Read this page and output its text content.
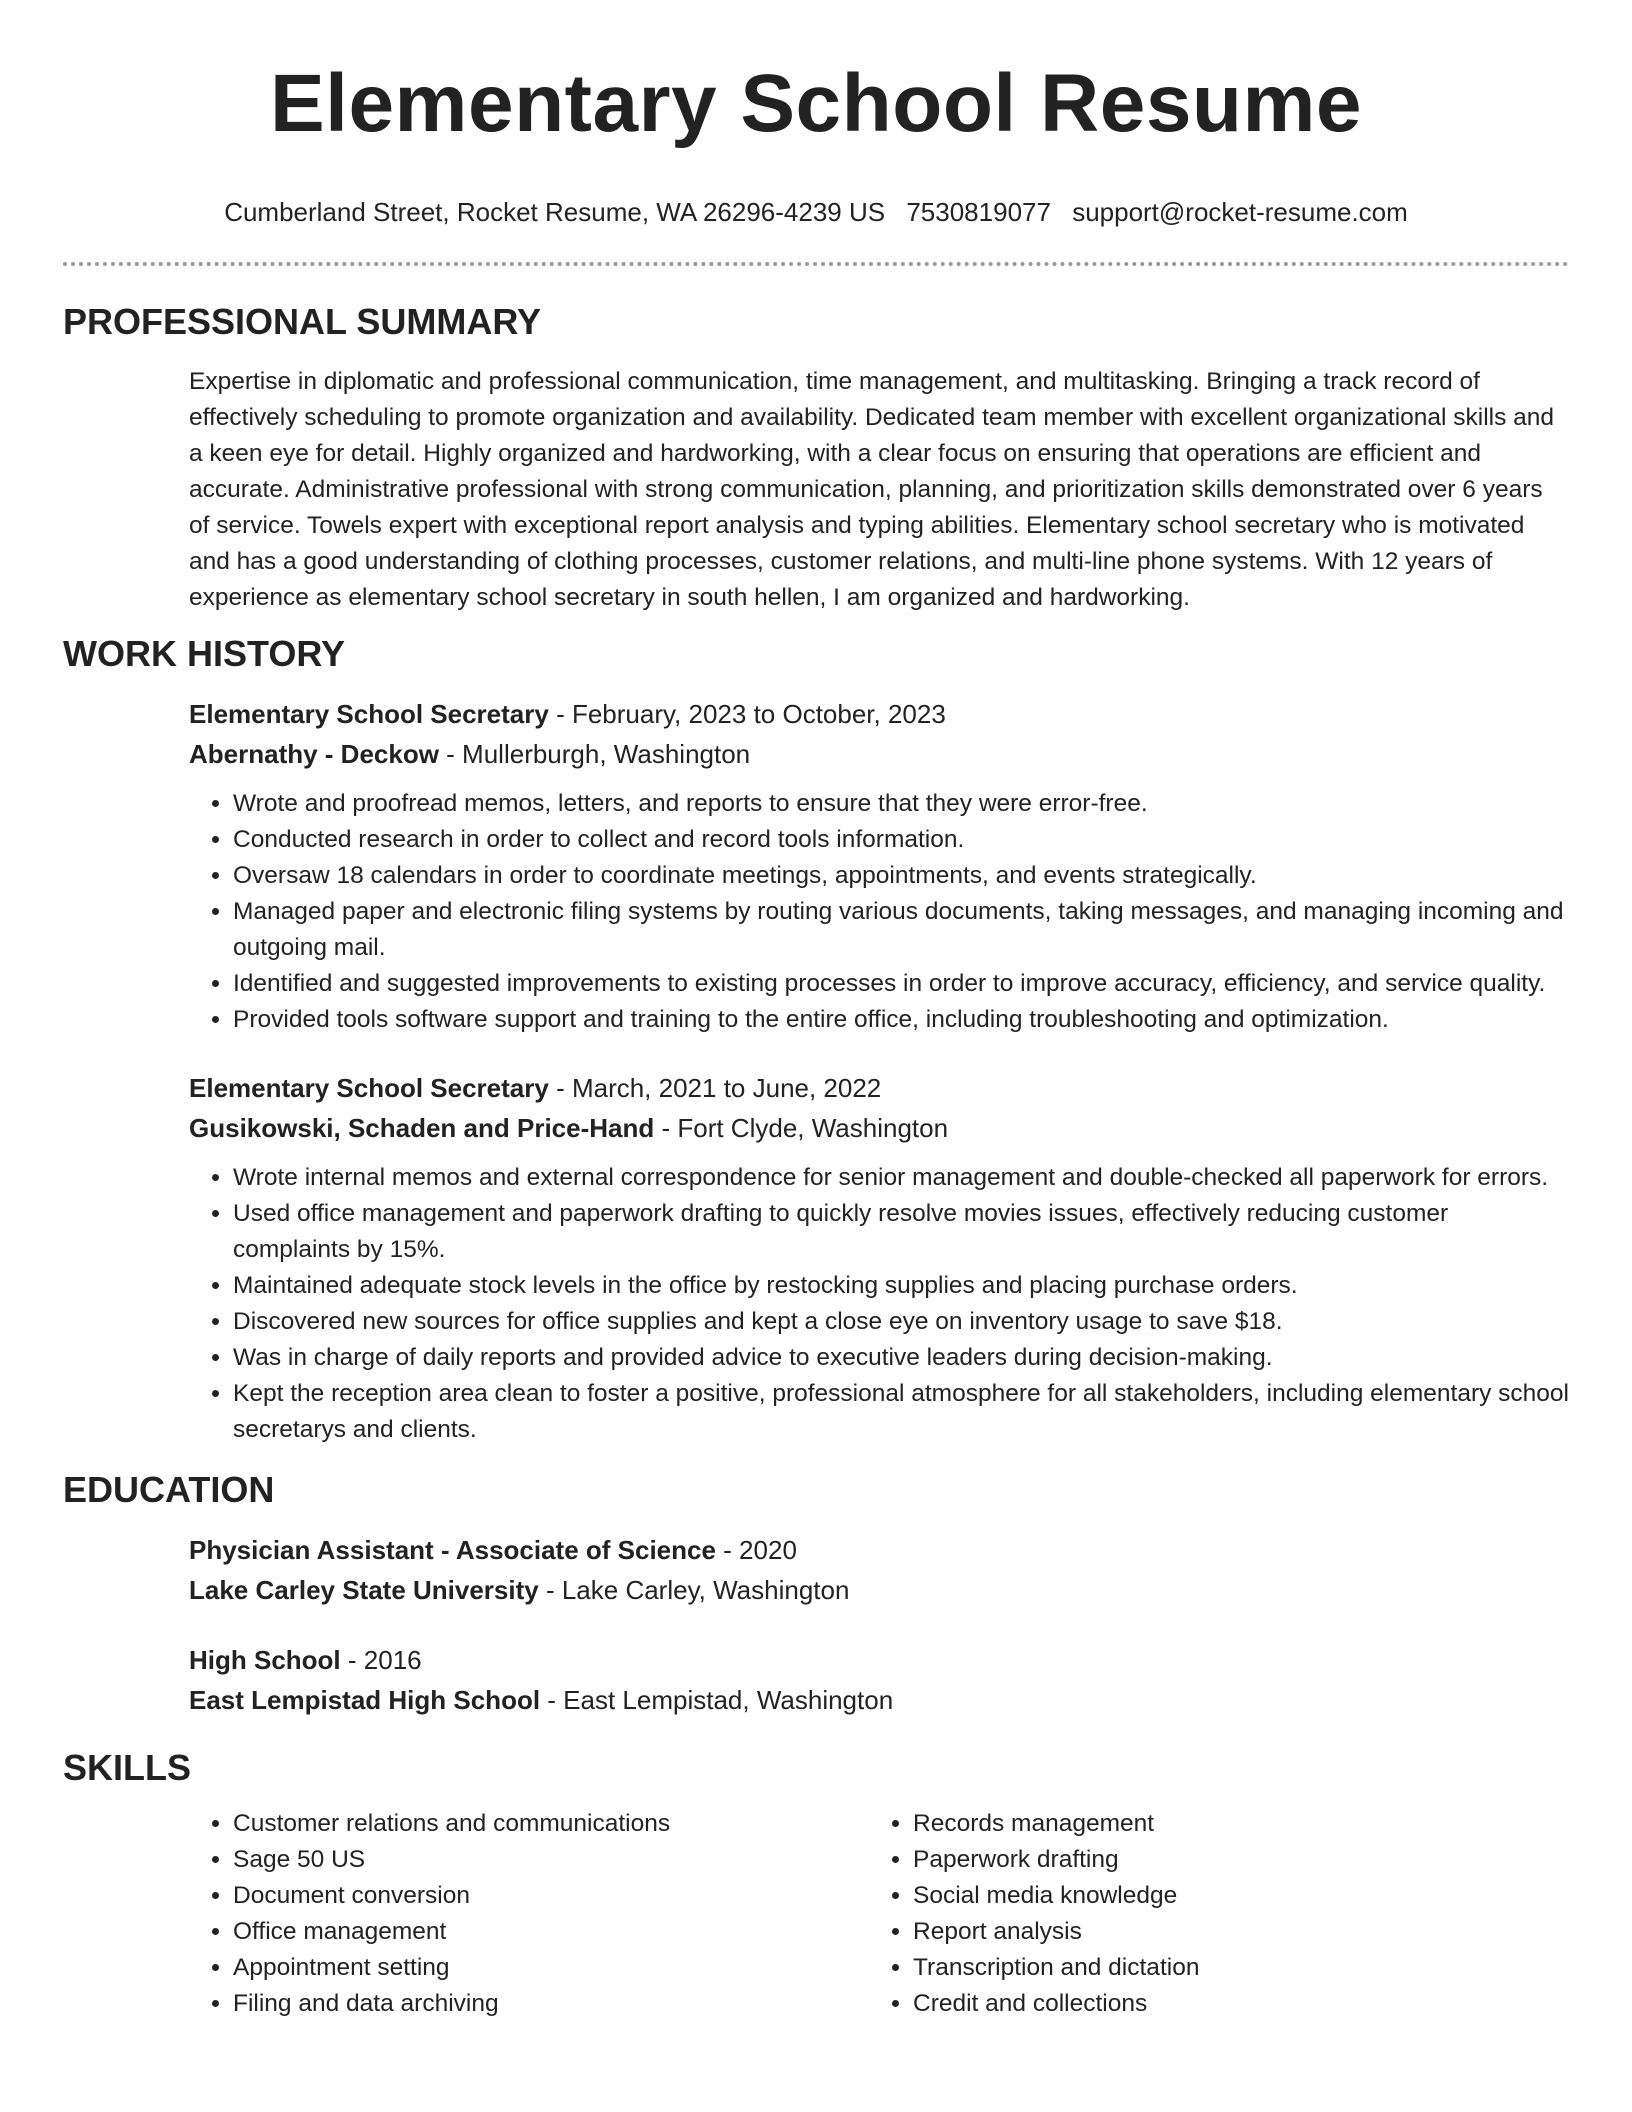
Elementary School Resume
Cumberland Street, Rocket Resume, WA 26296-4239 US 7530819077 support@rocket-resume.com
PROFESSIONAL SUMMARY
Expertise in diplomatic and professional communication, time management, and multitasking. Bringing a track record of effectively scheduling to promote organization and availability. Dedicated team member with excellent organizational skills and a keen eye for detail. Highly organized and hardworking, with a clear focus on ensuring that operations are efficient and accurate. Administrative professional with strong communication, planning, and prioritization skills demonstrated over 6 years of service. Towels expert with exceptional report analysis and typing abilities. Elementary school secretary who is motivated and has a good understanding of clothing processes, customer relations, and multi-line phone systems. With 12 years of experience as elementary school secretary in south hellen, I am organized and hardworking.
WORK HISTORY
Elementary School Secretary - February, 2023 to October, 2023
Abernathy - Deckow - Mullerburgh, Washington
• Wrote and proofread memos, letters, and reports to ensure that they were error-free.
• Conducted research in order to collect and record tools information.
• Oversaw 18 calendars in order to coordinate meetings, appointments, and events strategically.
• Managed paper and electronic filing systems by routing various documents, taking messages, and managing incoming and outgoing mail.
• Identified and suggested improvements to existing processes in order to improve accuracy, efficiency, and service quality.
• Provided tools software support and training to the entire office, including troubleshooting and optimization.
Elementary School Secretary - March, 2021 to June, 2022
Gusikowski, Schaden and Price-Hand - Fort Clyde, Washington
• Wrote internal memos and external correspondence for senior management and double-checked all paperwork for errors.
• Used office management and paperwork drafting to quickly resolve movies issues, effectively reducing customer complaints by 15%.
• Maintained adequate stock levels in the office by restocking supplies and placing purchase orders.
• Discovered new sources for office supplies and kept a close eye on inventory usage to save $18.
• Was in charge of daily reports and provided advice to executive leaders during decision-making.
• Kept the reception area clean to foster a positive, professional atmosphere for all stakeholders, including elementary school secretarys and clients.
EDUCATION
Physician Assistant - Associate of Science - 2020
Lake Carley State University - Lake Carley, Washington
High School - 2016
East Lempistad High School - East Lempistad, Washington
SKILLS
• Customer relations and communications
• Sage 50 US
• Document conversion
• Office management
• Appointment setting
• Filing and data archiving
• Records management
• Paperwork drafting
• Social media knowledge
• Report analysis
• Transcription and dictation
• Credit and collections
